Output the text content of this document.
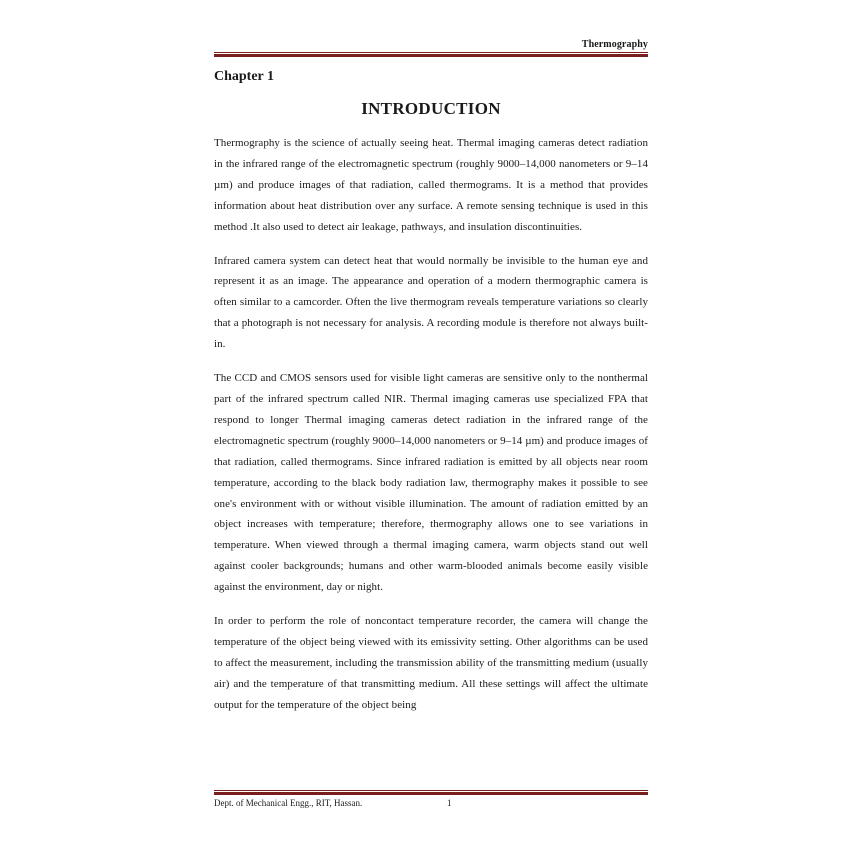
Thermography
Chapter 1
INTRODUCTION

Thermography is the science of actually seeing heat. Thermal imaging cameras detect radiation in the infrared range of the electromagnetic spectrum (roughly 9000–14,000 nanometers or 9–14 µm) and produce images of that radiation, called thermograms. It is a method that provides information about heat distribution over any surface. A remote sensing technique is used in this method .It also used to detect air leakage, pathways, and insulation discontinuities.

Infrared camera system can detect heat that would normally be invisible to the human eye and represent it as an image. The appearance and operation of a modern thermographic camera is often similar to a camcorder. Often the live thermogram reveals temperature variations so clearly that a photograph is not necessary for analysis. A recording module is therefore not always built-in.

The CCD and CMOS sensors used for visible light cameras are sensitive only to the nonthermal part of the infrared spectrum called NIR. Thermal imaging cameras use specialized FPA that respond to longer Thermal imaging cameras detect radiation in the infrared range of the electromagnetic spectrum (roughly 9000–14,000 nanometers or 9–14 µm) and produce images of that radiation, called thermograms. Since infrared radiation is emitted by all objects near room temperature, according to the black body radiation law, thermography makes it possible to see one's environment with or without visible illumination. The amount of radiation emitted by an object increases with temperature; therefore, thermography allows one to see variations in temperature. When viewed through a thermal imaging camera, warm objects stand out well against cooler backgrounds; humans and other warm-blooded animals become easily visible against the environment, day or night.

In order to perform the role of noncontact temperature recorder, the camera will change the temperature of the object being viewed with its emissivity setting. Other algorithms can be used to affect the measurement, including the transmission ability of the transmitting medium (usually air) and the temperature of that transmitting medium. All these settings will affect the ultimate output for the temperature of the object being

Dept. of Mechanical Engg., RIT, Hassan.	1
